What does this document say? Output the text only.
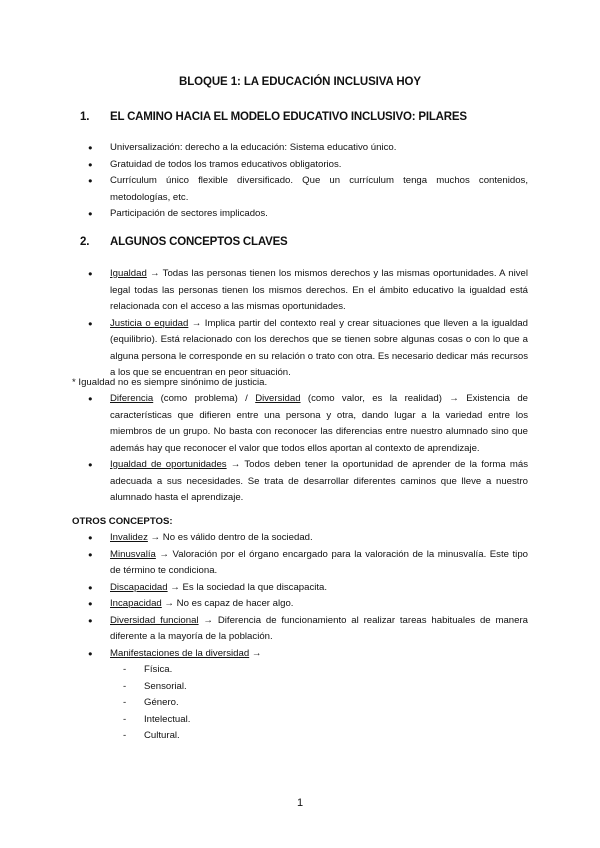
BLOQUE 1: LA EDUCACIÓN INCLUSIVA HOY
1. EL CAMINO HACIA EL MODELO EDUCATIVO INCLUSIVO: PILARES
● Universalización: derecho a la educación: Sistema educativo único.
● Gratuidad de todos los tramos educativos obligatorios.
● Currículum único flexible diversificado. Que un currículum tenga muchos contenidos, metodologías, etc.
● Participación de sectores implicados.
2. ALGUNOS CONCEPTOS CLAVES
● Igualdad → Todas las personas tienen los mismos derechos y las mismas oportunidades. A nivel legal todas las personas tienen los mismos derechos. En el ámbito educativo la igualdad está relacionada con el acceso a las mismas oportunidades.
● Justicia o equidad → Implica partir del contexto real y crear situaciones que lleven a la igualdad (equilibrio). Está relacionado con los derechos que se tienen sobre algunas cosas o con lo que a alguna persona le corresponde en su relación o trato con otra. Es necesario dedicar más recursos a los que se encuentran en peor situación.
* Igualdad no es siempre sinónimo de justicia.
● Diferencia (como problema) / Diversidad (como valor, es la realidad) → Existencia de características que difieren entre una persona y otra, dando lugar a la variedad entre los miembros de un grupo. No basta con reconocer las diferencias entre nuestro alumnado sino que además hay que reconocer el valor que todos ellos aportan al contexto de aprendizaje.
● Igualdad de oportunidades → Todos deben tener la oportunidad de aprender de la forma más adecuada a sus necesidades. Se trata de desarrollar diferentes caminos que lleve a nuestro alumnado hasta el aprendizaje.
OTROS CONCEPTOS:
● Invalidez → No es válido dentro de la sociedad.
● Minusvalía → Valoración por el órgano encargado para la valoración de la minusvalía. Este tipo de término te condiciona.
● Discapacidad → Es la sociedad la que discapacita.
● Incapacidad → No es capaz de hacer algo.
● Diversidad funcional → Diferencia de funcionamiento al realizar tareas habituales de manera diferente a la mayoría de la población.
● Manifestaciones de la diversidad →
- Física.
- Sensorial.
- Género.
- Intelectual.
- Cultural.
1
